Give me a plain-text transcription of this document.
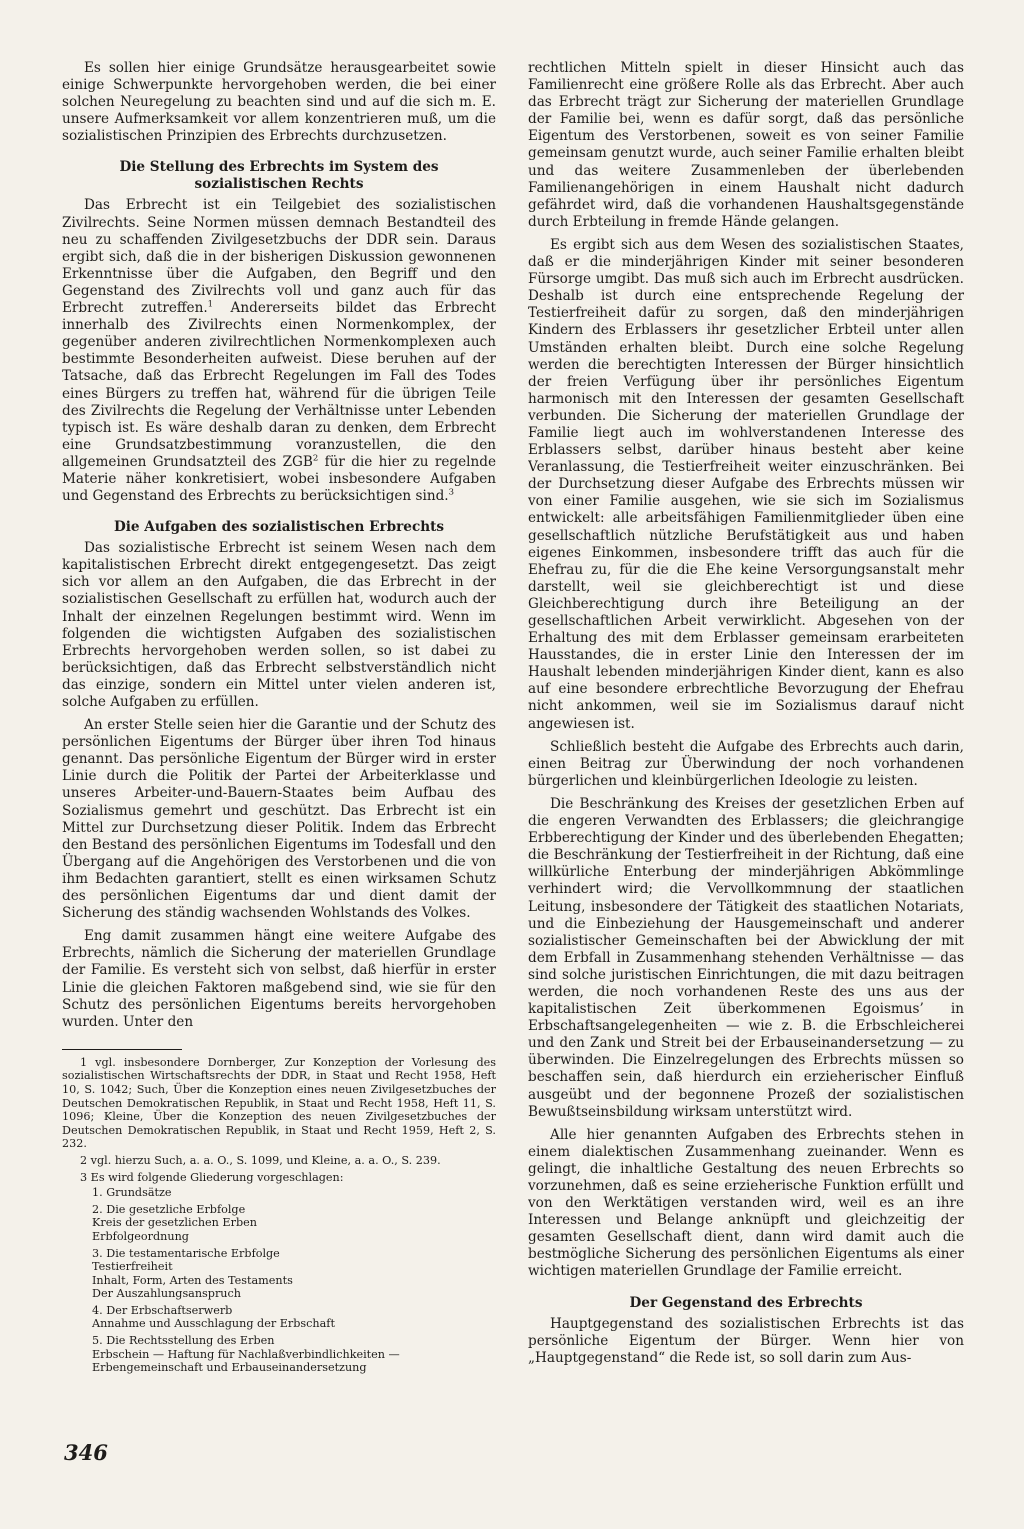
Es sollen hier einige Grundsätze herausgearbeitet sowie einige Schwerpunkte hervorgehoben werden, die bei einer solchen Neuregelung zu beachten sind und auf die sich m. E. unsere Aufmerksamkeit vor allem konzentrieren muß, um die sozialistischen Prinzipien des Erbrechts durchzusetzen.

Die Stellung des Erbrechts im System des sozialistischen Rechts

Das Erbrecht ist ein Teilgebiet des sozialistischen Zivilrechts. Seine Normen müssen demnach Bestandteil des neu zu schaffenden Zivilgesetzbuchs der DDR sein. Daraus ergibt sich, daß die in der bisherigen Diskussion gewonnenen Erkenntnisse über die Aufgaben, den Begriff und den Gegenstand des Zivilrechts voll und ganz auch für das Erbrecht zutreffen.$^1$ Andererseits bildet das Erbrecht innerhalb des Zivilrechts einen Normenkomplex, der gegenüber anderen zivilrechtlichen Normenkomplexen auch bestimmte Besonderheiten aufweist. Diese beruhen auf der Tatsache, daß das Erbrecht Regelungen im Fall des Todes eines Bürgers zu treffen hat, während für die übrigen Teile des Zivilrechts die Regelung der Verhältnisse unter Lebenden typisch ist. Es wäre deshalb daran zu denken, dem Erbrecht eine Grundsatzbestimmung voranzustellen, die den allgemeinen Grundsatzteil des ZGB$^2$ für die hier zu regelnde Materie näher konkretisiert, wobei insbesondere Aufgaben und Gegenstand des Erbrechts zu berücksichtigen sind.$^3$

Die Aufgaben des sozialistischen Erbrechts

Das sozialistische Erbrecht ist seinem Wesen nach dem kapitalistischen Erbrecht direkt entgegengesetzt. Das zeigt sich vor allem an den Aufgaben, die das Erbrecht in der sozialistischen Gesellschaft zu erfüllen hat, wodurch auch der Inhalt der einzelnen Regelungen bestimmt wird. Wenn im folgenden die wichtigsten Aufgaben des sozialistischen Erbrechts hervorgehoben werden sollen, so ist dabei zu berücksichtigen, daß das Erbrecht selbstverständlich nicht das einzige, sondern ein Mittel unter vielen anderen ist, solche Aufgaben zu erfüllen.

An erster Stelle seien hier die Garantie und der Schutz des persönlichen Eigentums der Bürger über ihren Tod hinaus genannt. Das persönliche Eigentum der Bürger wird in erster Linie durch die Politik der Partei der Arbeiterklasse und unseres Arbeiter-und-Bauern-Staates beim Aufbau des Sozialismus gemehrt und geschützt. Das Erbrecht ist ein Mittel zur Durchsetzung dieser Politik. Indem das Erbrecht den Bestand des persönlichen Eigentums im Todesfall und den Übergang auf die Angehörigen des Verstorbenen und die von ihm Bedachten garantiert, stellt es einen wirksamen Schutz des persönlichen Eigentums dar und dient damit der Sicherung des ständig wachsenden Wohlstands des Volkes.

Eng damit zusammen hängt eine weitere Aufgabe des Erbrechts, nämlich die Sicherung der materiellen Grundlage der Familie. Es versteht sich von selbst, daß hierfür in erster Linie die gleichen Faktoren maßgebend sind, wie sie für den Schutz des persönlichen Eigentums bereits hervorgehoben wurden. Unter den

1 vgl. insbesondere Dornberger, Zur Konzeption der Vorlesung des sozialistischen Wirtschaftsrechts der DDR, in Staat und Recht 1958, Heft 10, S. 1042; Such, Über die Konzeption eines neuen Zivilgesetzbuches der Deutschen Demokratischen Republik, in Staat und Recht 1958, Heft 11, S. 1096; Kleine, Über die Konzeption des neuen Zivilgesetzbuches der Deutschen Demokratischen Republik, in Staat und Recht 1959, Heft 2, S. 232.

2 vgl. hierzu Such, a. a. O., S. 1099, und Kleine, a. a. O., S. 239.

3 Es wird folgende Gliederung vorgeschlagen:

1. Grundsätze
2. Die gesetzliche Erbfolge
Kreis der gesetzlichen Erben
Erbfolgeordnung
3. Die testamentarische Erbfolge
Testierfreiheit
Inhalt, Form, Arten des Testaments
Der Auszahlungsanspruch
4. Der Erbschaftserwerb
Annahme und Ausschlagung der Erbschaft
5. Die Rechtsstellung des Erben
Erbschein — Haftung für Nachlaßverbindlichkeiten — Erbengemeinschaft und Erbauseinandersetzung

rechtlichen Mitteln spielt in dieser Hinsicht auch das Familienrecht eine größere Rolle als das Erbrecht. Aber auch das Erbrecht trägt zur Sicherung der materiellen Grundlage der Familie bei, wenn es dafür sorgt, daß das persönliche Eigentum des Verstorbenen, soweit es von seiner Familie gemeinsam genutzt wurde, auch seiner Familie erhalten bleibt und das weitere Zusammenleben der überlebenden Familienangehörigen in einem Haushalt nicht dadurch gefährdet wird, daß die vorhandenen Haushaltsgegenstände durch Erbteilung in fremde Hände gelangen.

Es ergibt sich aus dem Wesen des sozialistischen Staates, daß er die minderjährigen Kinder mit seiner besonderen Fürsorge umgibt. Das muß sich auch im Erbrecht ausdrücken. Deshalb ist durch eine entsprechende Regelung der Testierfreiheit dafür zu sorgen, daß den minderjährigen Kindern des Erblassers ihr gesetzlicher Erbteil unter allen Umständen erhalten bleibt. Durch eine solche Regelung werden die berechtigten Interessen der Bürger hinsichtlich der freien Verfügung über ihr persönliches Eigentum harmonisch mit den Interessen der gesamten Gesellschaft verbunden. Die Sicherung der materiellen Grundlage der Familie liegt auch im wohlverstandenen Interesse des Erblassers selbst, darüber hinaus besteht aber keine Veranlassung, die Testierfreiheit weiter einzuschränken. Bei der Durchsetzung dieser Aufgabe des Erbrechts müssen wir von einer Familie ausgehen, wie sie sich im Sozialismus entwickelt: alle arbeitsfähigen Familienmitglieder üben eine gesellschaftlich nützliche Berufstätigkeit aus und haben eigenes Einkommen, insbesondere trifft das auch für die Ehefrau zu, für die die Ehe keine Versorgungsanstalt mehr darstellt, weil sie gleichberechtigt ist und diese Gleichberechtigung durch ihre Beteiligung an der gesellschaftlichen Arbeit verwirklicht. Abgesehen von der Erhaltung des mit dem Erblasser gemeinsam erarbeiteten Hausstandes, die in erster Linie den Interessen der im Haushalt lebenden minderjährigen Kinder dient, kann es also auf eine besondere erbrechtliche Bevorzugung der Ehefrau nicht ankommen, weil sie im Sozialismus darauf nicht angewiesen ist.

Schließlich besteht die Aufgabe des Erbrechts auch darin, einen Beitrag zur Überwindung der noch vorhandenen bürgerlichen und kleinbürgerlichen Ideologie zu leisten.

Die Beschränkung des Kreises der gesetzlichen Erben auf die engeren Verwandten des Erblassers; die gleichrangige Erbberechtigung der Kinder und des überlebenden Ehegatten; die Beschränkung der Testierfreiheit in der Richtung, daß eine willkürliche Enterbung der minderjährigen Abkömmlinge verhindert wird; die Vervollkommnung der staatlichen Leitung, insbesondere der Tätigkeit des staatlichen Notariats, und die Einbeziehung der Hausgemeinschaft und anderer sozialistischer Gemeinschaften bei der Abwicklung der mit dem Erbfall in Zusammenhang stehenden Verhältnisse — das sind solche juristischen Einrichtungen, die mit dazu beitragen werden, die noch vorhandenen Reste des uns aus der kapitalistischen Zeit überkommenen Egoismus’ in Erbschaftsangelegenheiten — wie z. B. die Erbschleicherei und den Zank und Streit bei der Erbauseinandersetzung — zu überwinden. Die Einzelregelungen des Erbrechts müssen so beschaffen sein, daß hierdurch ein erzieherischer Einfluß ausgeübt und der begonnene Prozeß der sozialistischen Bewußtseinsbildung wirksam unterstützt wird.

Alle hier genannten Aufgaben des Erbrechts stehen in einem dialektischen Zusammenhang zueinander. Wenn es gelingt, die inhaltliche Gestaltung des neuen Erbrechts so vorzunehmen, daß es seine erzieherische Funktion erfüllt und von den Werktätigen verstanden wird, weil es an ihre Interessen und Belange anknüpft und gleichzeitig der gesamten Gesellschaft dient, dann wird damit auch die bestmögliche Sicherung des persönlichen Eigentums als einer wichtigen materiellen Grundlage der Familie erreicht.

Der Gegenstand des Erbrechts

Hauptgegenstand des sozialistischen Erbrechts ist das persönliche Eigentum der Bürger. Wenn hier von „Hauptgegenstand“ die Rede ist, so soll darin zum Aus-

346
